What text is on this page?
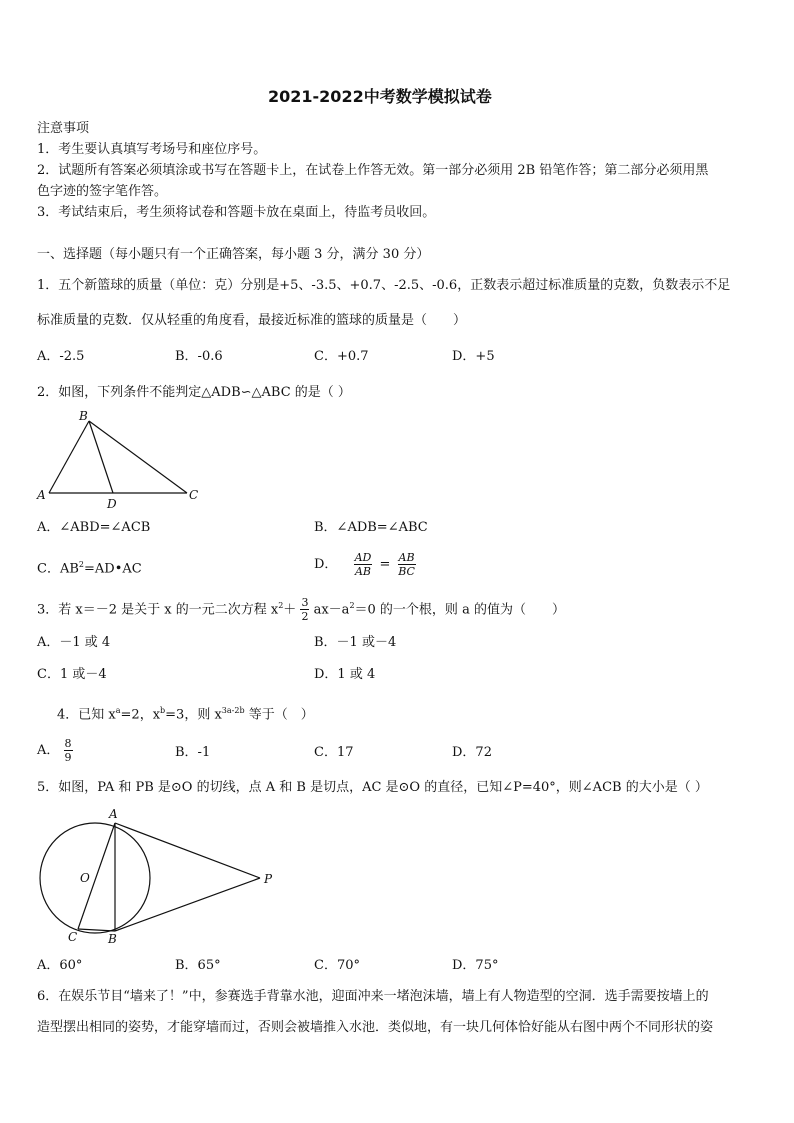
2021-2022中考数学模拟试卷
注意事项
1．考生要认真填写考场号和座位序号。
2．试题所有答案必须填涂或书写在答题卡上，在试卷上作答无效。第一部分必须用 2B 铅笔作答；第二部分必须用黑
色字迹的签字笔作答。
3．考试结束后，考生须将试卷和答题卡放在桌面上，待监考员收回。
一、选择题（每小题只有一个正确答案，每小题 3 分，满分 30 分）
1．五个新篮球的质量（单位：克）分别是+5、-3.5、+0.7、-2.5、-0.6，正数表示超过标准质量的克数，负数表示不足
标准质量的克数．仅从轻重的角度看，最接近标准的篮球的质量是（　　）
A．-2.5	B．-0.6	C．+0.7	D．+5
2．如图，下列条件不能判定△ADB∽△ABC 的是（ ）
B
A
D
C
A．∠ABD=∠ACB	B．∠ADB=∠ABC
C．$AB^2=AD•AC$	D． $\frac{AD}{AB} = \frac{AB}{BC}$
3．若 x＝－2 是关于 x 的一元二次方程 $x^2+ \frac{3}{2} ax-a^2=0$ 的一个根，则 a 的值为（　　）
A．－1 或 4	B．－1 或－4
C．1 或－4	D．1 或 4
4．已知 $x^a=2$，$x^b=3$，则 $x^{3a-2b}$ 等于（　）
A． $\frac{8}{9}$	B．-1	C．17	D．72
5．如图，PA 和 PB 是⊙O 的切线，点 A 和 B 是切点，AC 是⊙O 的直径，已知∠P=40°，则∠ACB 的大小是（ ）
A
O	P
C	B
A．60°	B．65°	C．70°	D．75°
6．在娱乐节目“墙来了！”中，参赛选手背靠水池，迎面冲来一堵泡沫墙，墙上有人物造型的空洞．选手需要按墙上的
造型摆出相同的姿势，才能穿墙而过，否则会被墙推入水池．类似地，有一块几何体恰好能从右图中两个不同形状的姿
